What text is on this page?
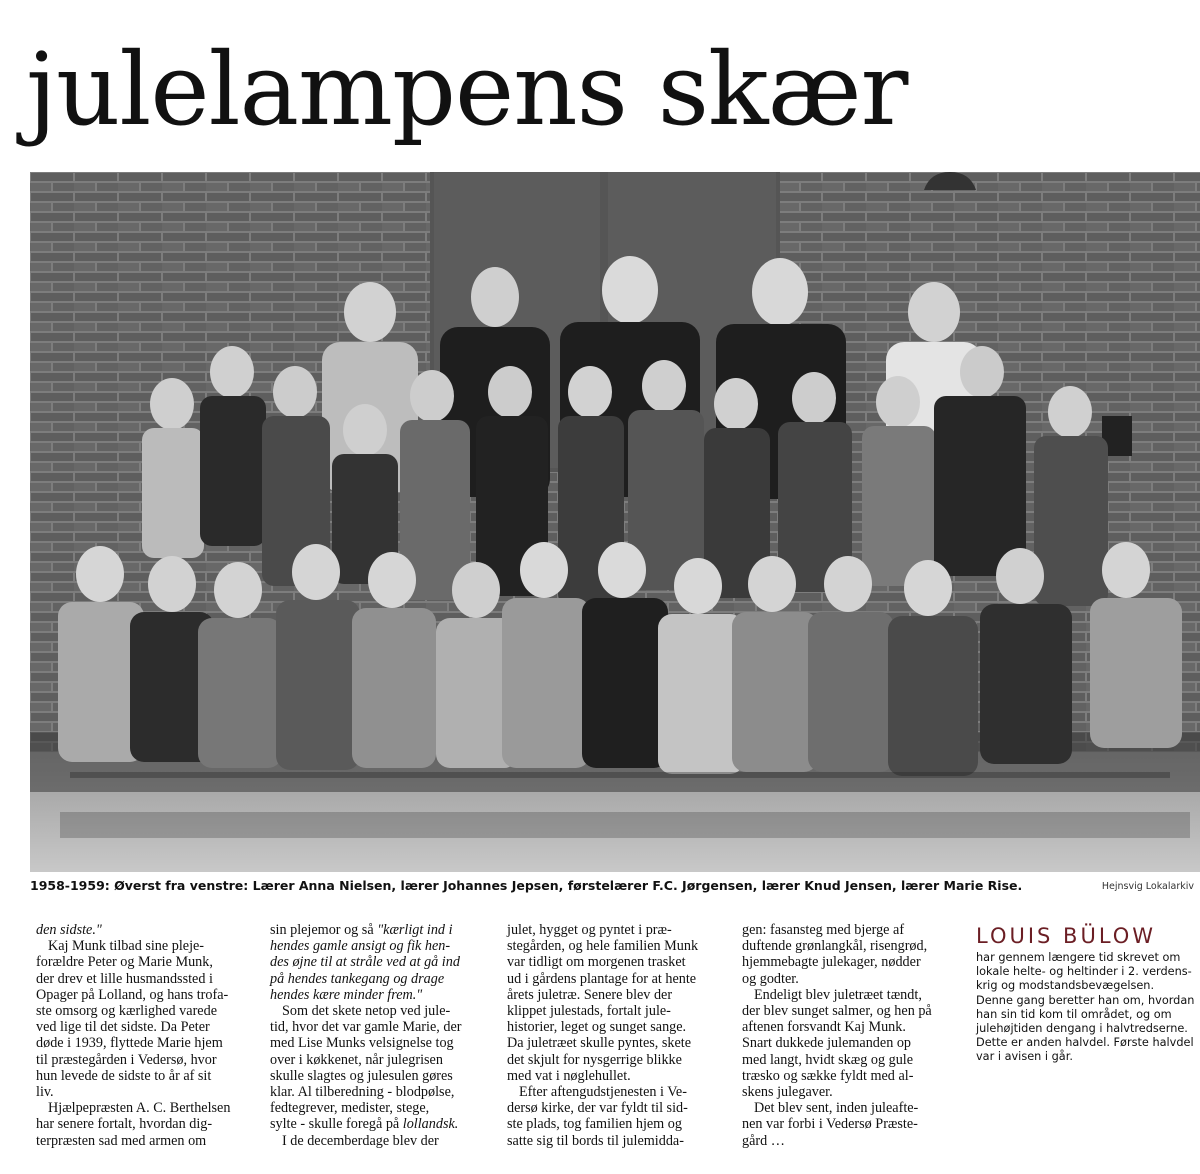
julelampens skær
1958-1959: Øverst fra venstre: Lærer Anna Nielsen, lærer Johannes Jepsen, førstelærer F.C. Jørgensen, lærer Knud Jensen, lærer Marie Rise.	Hejnsvig Lokalarkiv

den sidste."

Kaj Munk tilbad sine pleje-

forældre Peter og Marie Munk,

der drev et lille husmandssted i

Opager på Lolland, og hans trofa-

ste omsorg og kærlighed varede

ved lige til det sidste. Da Peter

døde i 1939, flyttede Marie hjem

til præstegården i Vedersø, hvor

hun levede de sidste to år af sit

liv.

Hjælpepræsten A. C. Berthelsen

har senere fortalt, hvordan dig-

terpræsten sad med armen om

sin plejemor og så "kærligt ind i

hendes gamle ansigt og fik hen-

des øjne til at stråle ved at gå ind

på hendes tankegang og drage

hendes kære minder frem."

Som det skete netop ved jule-

tid, hvor det var gamle Marie, der

med Lise Munks velsignelse tog

over i køkkenet, når julegrisen

skulle slagtes og julesulen gøres

klar. Al tilberedning - blodpølse,

fedtegrever, medister, stege,

sylte - skulle foregå på lollandsk.

I de decemberdage blev der

julet, hygget og pyntet i præ-

stegården, og hele familien Munk

var tidligt om morgenen trasket

ud i gårdens plantage for at hente

årets juletræ. Senere blev der

klippet julestads, fortalt jule-

historier, leget og sunget sange.

Da juletræet skulle pyntes, skete

det skjult for nysgerrige blikke

med vat i nøglehullet.

Efter aftengudstjenesten i Ve-

dersø kirke, der var fyldt til sid-

ste plads, tog familien hjem og

satte sig til bords til julemidda-

gen: fasansteg med bjerge af

duftende grønlangkål, risengrød,

hjemmebagte julekager, nødder

og godter.

Endeligt blev juletræet tændt,

der blev sunget salmer, og hen på

aftenen forsvandt Kaj Munk.

Snart dukkede julemanden op

med langt, hvidt skæg og gule

træsko og sække fyldt med al-

skens julegaver.

Det blev sent, inden juleafte-

nen var forbi i Vedersø Præste-

gård …

LOUIS BÜLOW
har gennem længere tid skrevet om
lokale helte- og heltinder i 2. verdens-
krig og modstandsbevægelsen.
Denne gang beretter han om, hvordan
han sin tid kom til området, og om
julehøjtiden dengang i halvtredserne.
Dette er anden halvdel. Første halvdel
var i avisen i går.
